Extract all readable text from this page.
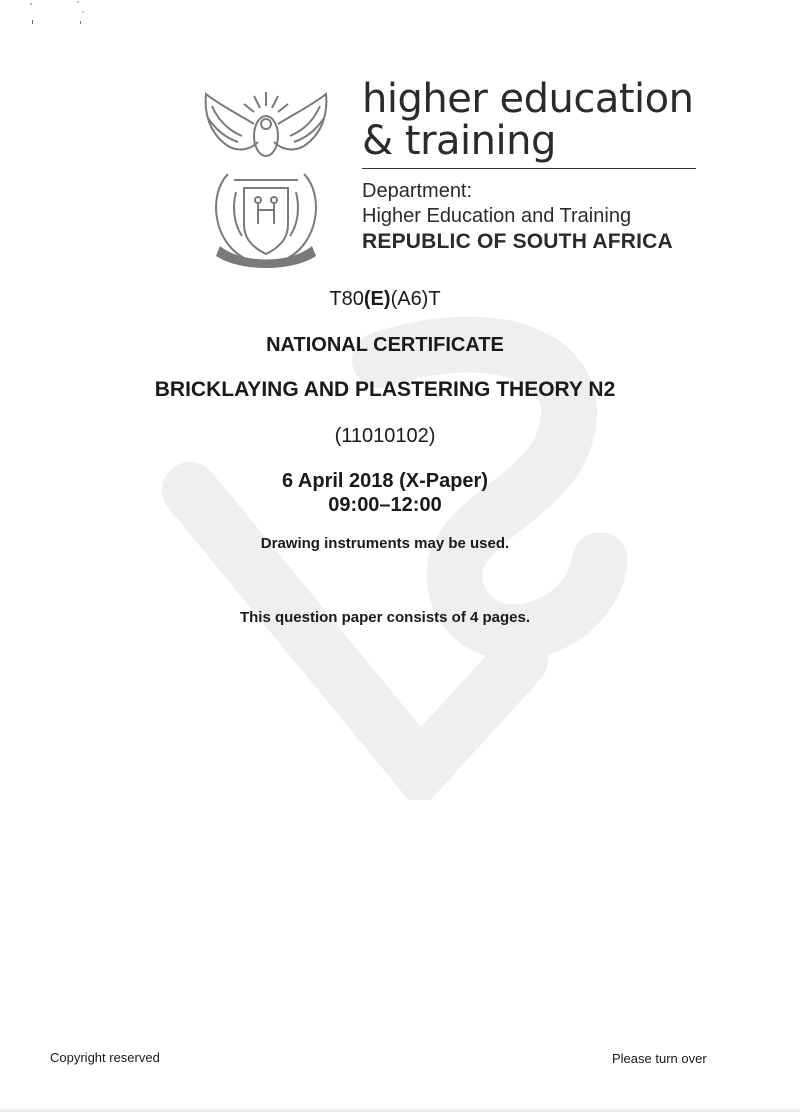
higher education
& training
Department:
Higher Education and Training
REPUBLIC OF SOUTH AFRICA
T80(E)(A6)T
NATIONAL CERTIFICATE
BRICKLAYING AND PLASTERING THEORY N2
(11010102)
6 April 2018 (X-Paper)
09:00–12:00
Drawing instruments may be used.
This question paper consists of 4 pages.
Copyright reserved	Please turn over
